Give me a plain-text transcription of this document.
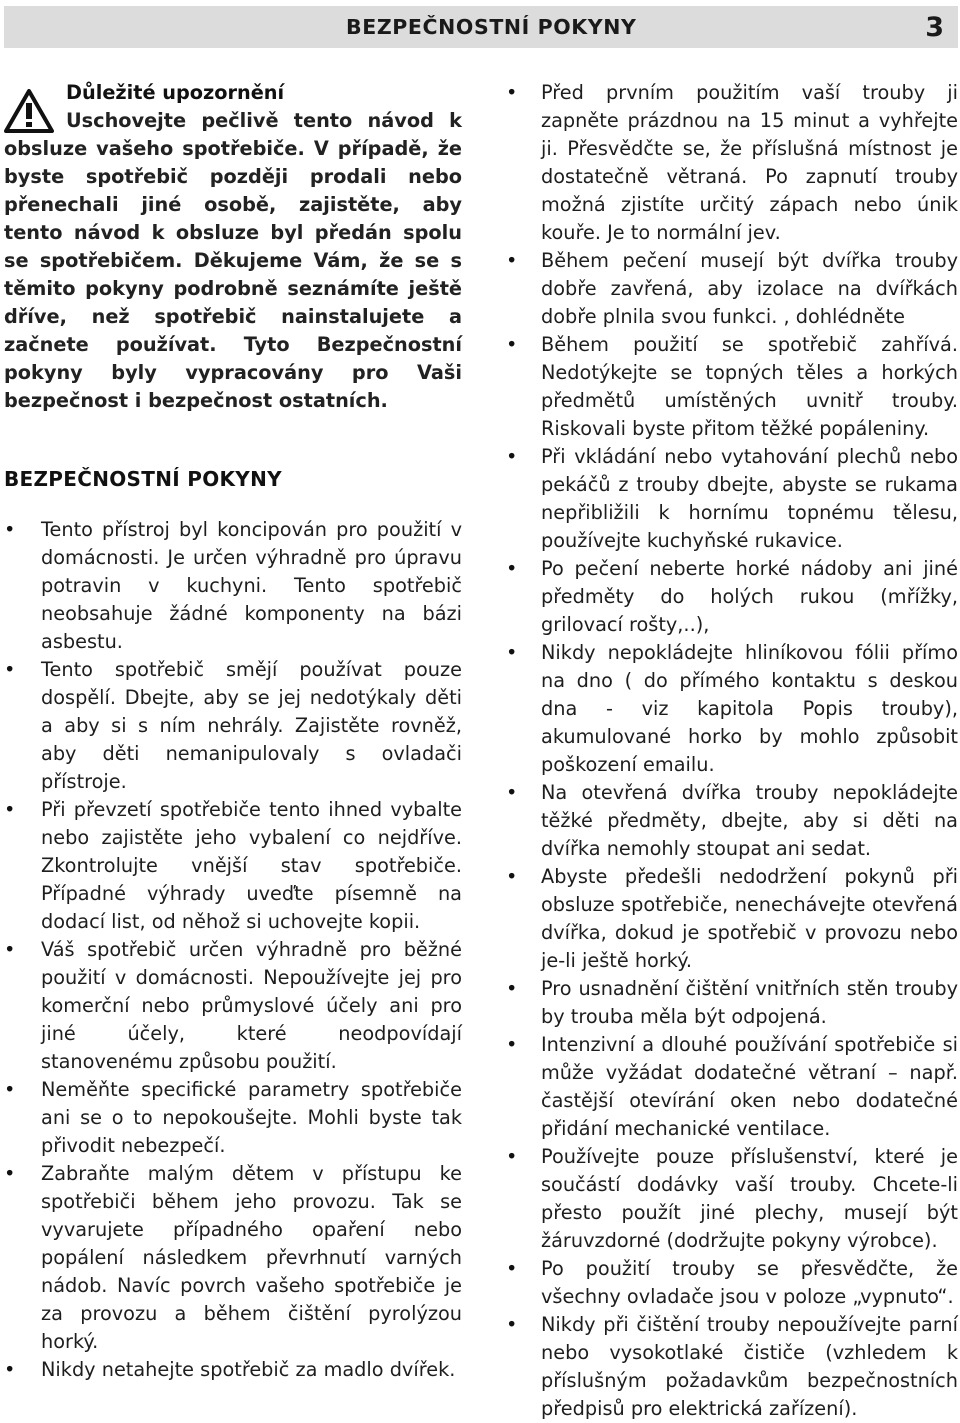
BEZPEČNOSTNÍ POKYNY	3
Důležité upozornění
Uschovejte pečlivě tento návod k obsluze vašeho spotřebiče. V případě, že byste spotřebič později prodali nebo přenechali jiné osobě, zajistěte, aby tento návod k obsluze byl předán spolu se spotřebičem. Děkujeme Vám, že se s těmito pokyny podrobně seznámíte ještě dříve, než spotřebič nainstalujete a začnete používat. Tyto Bezpečnostní pokyny byly vypracovány pro Vaši bezpečnost i bezpečnost ostatních.
BEZPEČNOSTNÍ POKYNY
• Tento přístroj byl koncipován pro použití v domácnosti. Je určen výhradně pro úpravu potravin v kuchyni. Tento spotřebič neobsahuje žádné komponenty na bázi asbestu.
• Tento spotřebič smějí používat pouze dospělí. Dbejte, aby se jej nedotýkaly děti a aby si s ním nehrály. Zajistěte rovněž, aby děti nemanipulovaly s ovladači přístroje.
• Při převzetí spotřebiče tento ihned vybalte nebo zajistěte jeho vybalení co nejdříve. Zkontrolujte vnější stav spotřebiče. Případné výhrady uveďte písemně na dodací list, od něhož si uchovejte kopii.
• Váš spotřebič určen výhradně pro běžné použití v domácnosti. Nepoužívejte jej pro komerční nebo průmyslové účely ani pro jiné účely, které neodpovídají stanovenému způsobu použití.
• Neměňte specifické parametry spotřebiče ani se o to nepokoušejte. Mohli byste tak přivodit nebezpečí.
• Zabraňte malým dětem v přístupu ke spotřebiči během jeho provozu. Tak se vyvarujete případného opaření nebo popálení následkem převrhnutí varných nádob. Navíc povrch vašeho spotřebiče je za provozu a během čištění pyrolýzou horký.
• Nikdy netahejte spotřebič za madlo dvířek.
• Před prvním použitím vaší trouby ji zapněte prázdnou na 15 minut a vyhřejte ji. Přesvědčte se, že příslušná místnost je dostatečně větraná. Po zapnutí trouby možná zjistíte určitý zápach nebo únik kouře. Je to normální jev.
• Během pečení musejí být dvířka trouby dobře zavřená, aby izolace na dvířkách dobře plnila svou funkci. , dohlédněte
• Během použití se spotřebič zahřívá. Nedotýkejte se topných těles a horkých předmětů umístěných uvnitř trouby. Riskovali byste přitom těžké popáleniny.
• Při vkládání nebo vytahování plechů nebo pekáčů z trouby dbejte, abyste se rukama nepřibližili k hornímu topnému tělesu, používejte kuchyňské rukavice.
• Po pečení neberte horké nádoby ani jiné předměty do holých rukou (mřížky, grilovací rošty,..),
• Nikdy nepokládejte hliníkovou fólii přímo na dno ( do přímého kontaktu s deskou dna - viz kapitola Popis trouby), akumulované horko by mohlo způsobit poškození emailu.
• Na otevřená dvířka trouby nepokládejte těžké předměty, dbejte, aby si děti na dvířka nemohly stoupat ani sedat.
• Abyste předešli nedodržení pokynů při obsluze spotřebiče, nenechávejte otevřená dvířka, dokud je spotřebič v provozu nebo je-li ještě horký.
• Pro usnadnění čištění vnitřních stěn trouby by trouba měla být odpojená.
• Intenzivní a dlouhé používání spotřebiče si může vyžádat dodatečné větraní – např. častější otevírání oken nebo dodatečné přidání mechanické ventilace.
• Používejte pouze příslušenství, které je součástí dodávky vaší trouby. Chcete-li přesto použít jiné plechy, musejí být žáruvzdorné (dodržujte pokyny výrobce).
• Po použití trouby se přesvědčte, že všechny ovladače jsou v poloze „vypnuto“.
• Nikdy při čištění trouby nepoužívejte parní nebo vysokotlaké čističe (vzhledem k příslušným požadavkům bezpečnostních předpisů pro elektrická zařízení).
